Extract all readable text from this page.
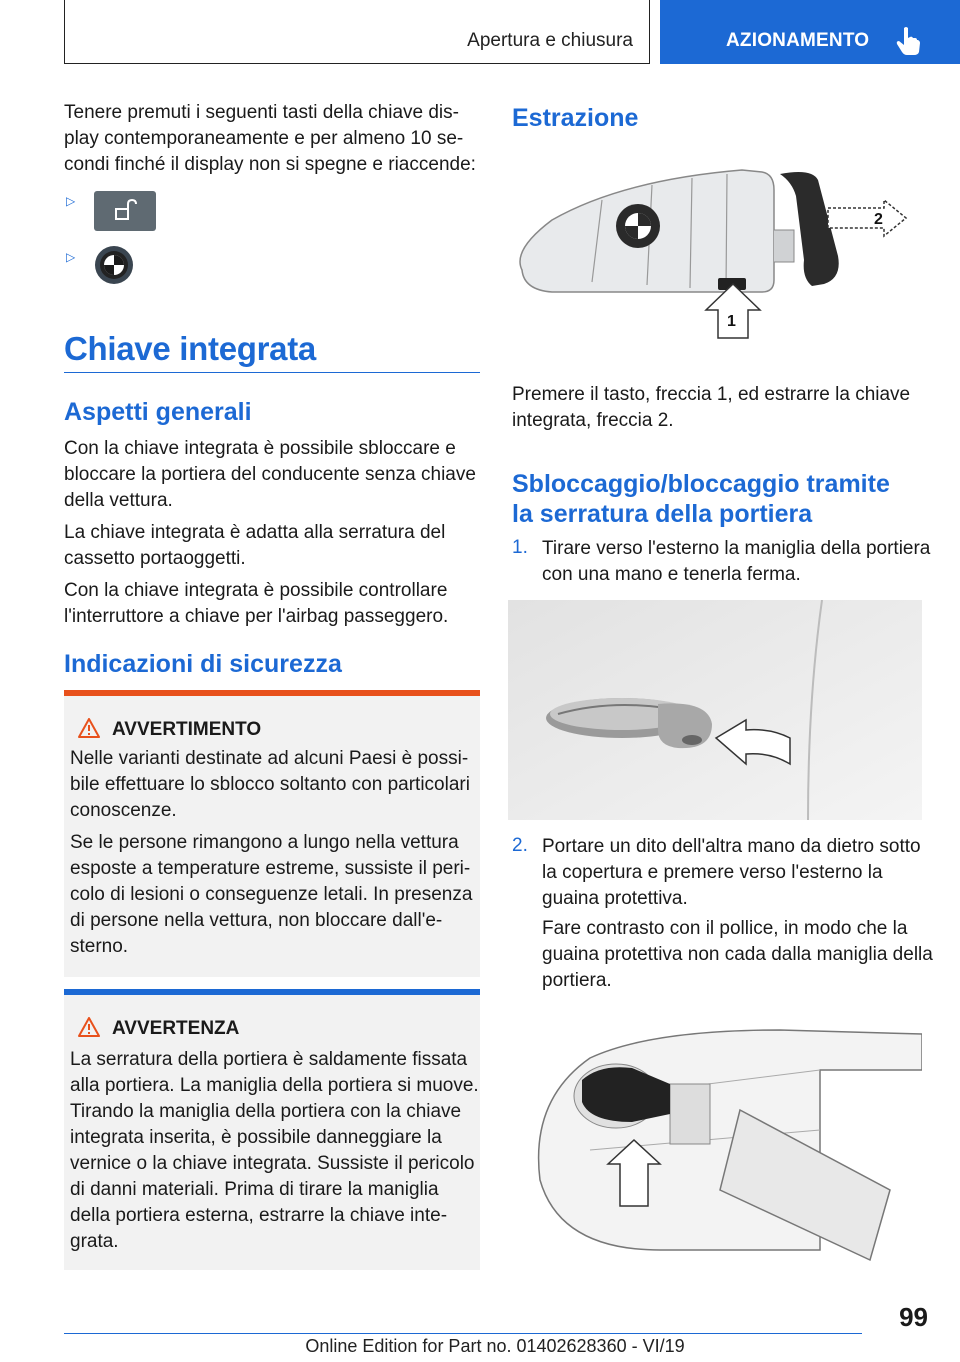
Apertura e chiusura	AZIONAMENTO
Tenere premuti i seguenti tasti della chiave dis-
play contemporaneamente e per almeno 10 se-
condi finché il display non si spegne e riaccende:
▷
▷
Chiave integrata
Aspetti generali
Con la chiave integrata è possibile sbloccare e
bloccare la portiera del conducente senza chiave
della vettura.
La chiave integrata è adatta alla serratura del
cassetto portaoggetti.
Con la chiave integrata è possibile controllare
l'interruttore a chiave per l'airbag passeggero.
Indicazioni di sicurezza
AVVERTIMENTO
Nelle varianti destinate ad alcuni Paesi è possi-
bile effettuare lo sblocco soltanto con particolari
conoscenze.
Se le persone rimangono a lungo nella vettura
esposte a temperature estreme, sussiste il peri-
colo di lesioni o conseguenze letali. In presenza
di persone nella vettura, non bloccare dall'e-
sterno.
AVVERTENZA
La serratura della portiera è saldamente fissata
alla portiera. La maniglia della portiera si muove.
Tirando la maniglia della portiera con la chiave
integrata inserita, è possibile danneggiare la
vernice o la chiave integrata. Sussiste il pericolo
di danni materiali. Prima di tirare la maniglia
della portiera esterna, estrarre la chiave inte-
grata.
Estrazione
2
1
Premere il tasto, freccia 1, ed estrarre la chiave
integrata, freccia 2.
Sbloccaggio/bloccaggio tramite
la serratura della portiera
1. Tirare verso l'esterno la maniglia della portiera
con una mano e tenerla ferma.
2. Portare un dito dell'altra mano da dietro sotto
la copertura e premere verso l'esterno la
guaina protettiva.
Fare contrasto con il pollice, in modo che la
guaina protettiva non cada dalla maniglia della
portiera.
99
Online Edition for Part no. 01402628360 - VI/19
